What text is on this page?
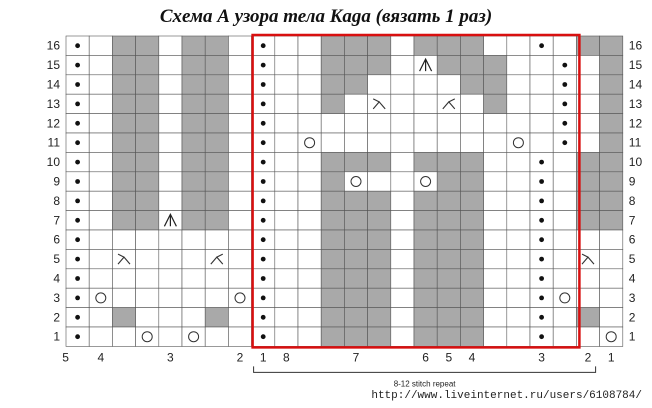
Схема А узора тела Kaga (вязать 1 раз)
16	16
15	15
14	14
13	13
12	12
11	11
10	10
9	9
8	8
7	7
6	6
5	5
4	4
3	3
2	2
1	1
5 4	3	2 1 8	7	6 5 4	3	2 1
8-12 stitch repeat
http://www.liveinternet.ru/users/6108784/
